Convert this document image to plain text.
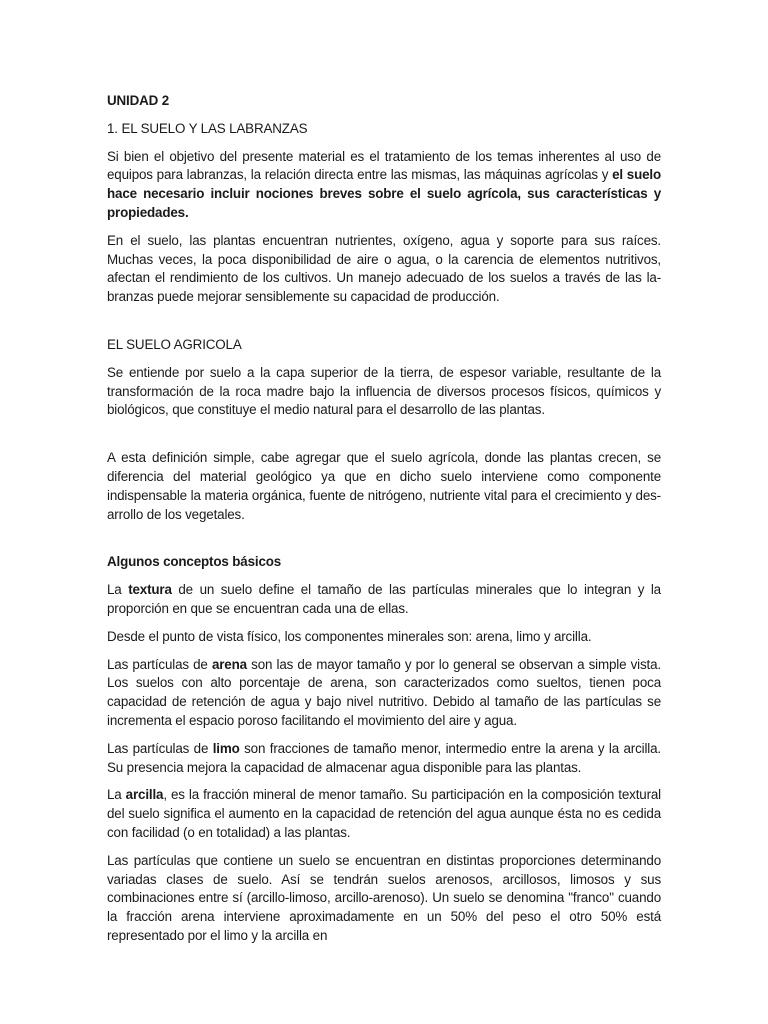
UNIDAD 2

1. EL SUELO Y LAS LABRANZAS

Si bien el objetivo del presente material es el tratamiento de los temas inherentes al uso de equipos para labranzas, la relación directa entre las mismas, las máquinas agrícolas y el suelo hace necesario incluir nociones breves sobre el suelo agrícola, sus características y propiedades.

En el suelo, las plantas encuentran nutrientes, oxígeno, agua y soporte para sus raíces. Muchas veces, la poca disponibilidad de aire o agua, o la carencia de elementos nutritivos, afectan el rendimiento de los cultivos. Un manejo adecuado de los suelos a través de las la- branzas puede mejorar sensiblemente su capacidad de producción.

EL SUELO AGRICOLA

Se entiende por suelo a la capa superior de la tierra, de espesor variable, resultante de la transformación de la roca madre bajo la influencia de diversos procesos físicos, químicos y biológicos, que constituye el medio natural para el desarrollo de las plantas.

A esta definición simple, cabe agregar que el suelo agrícola, donde las plantas crecen, se diferencia del material geológico ya que en dicho suelo interviene como componente indispensable la materia orgánica, fuente de nitrógeno, nutriente vital para el crecimiento y des- arrollo de los vegetales.

Algunos conceptos básicos

La textura de un suelo define el tamaño de las partículas minerales que lo integran y la proporción en que se encuentran cada una de ellas.

Desde el punto de vista físico, los componentes minerales son: arena, limo y arcilla.

Las partículas de arena son las de mayor tamaño y por lo general se observan a simple vista. Los suelos con alto porcentaje de arena, son caracterizados como sueltos, tienen poca capacidad de retención de agua y bajo nivel nutritivo. Debido al tamaño de las partículas se incrementa el espacio poroso facilitando el movimiento del aire y agua.

Las partículas de limo son fracciones de tamaño menor, intermedio entre la arena y la arcilla. Su presencia mejora la capacidad de almacenar agua disponible para las plantas.

La arcilla, es la fracción mineral de menor tamaño. Su participación en la composición textural del suelo significa el aumento en la capacidad de retención del agua aunque ésta no es cedida con facilidad (o en totalidad) a las plantas.

Las partículas que contiene un suelo se encuentran en distintas proporciones determinando variadas clases de suelo. Así se tendrán suelos arenosos, arcillosos, limosos y sus combinaciones entre sí (arcillo-limoso, arcillo-arenoso). Un suelo se denomina "franco" cuando la fracción arena interviene aproximadamente en un 50% del peso el otro 50% está representado por el limo y la arcilla en
